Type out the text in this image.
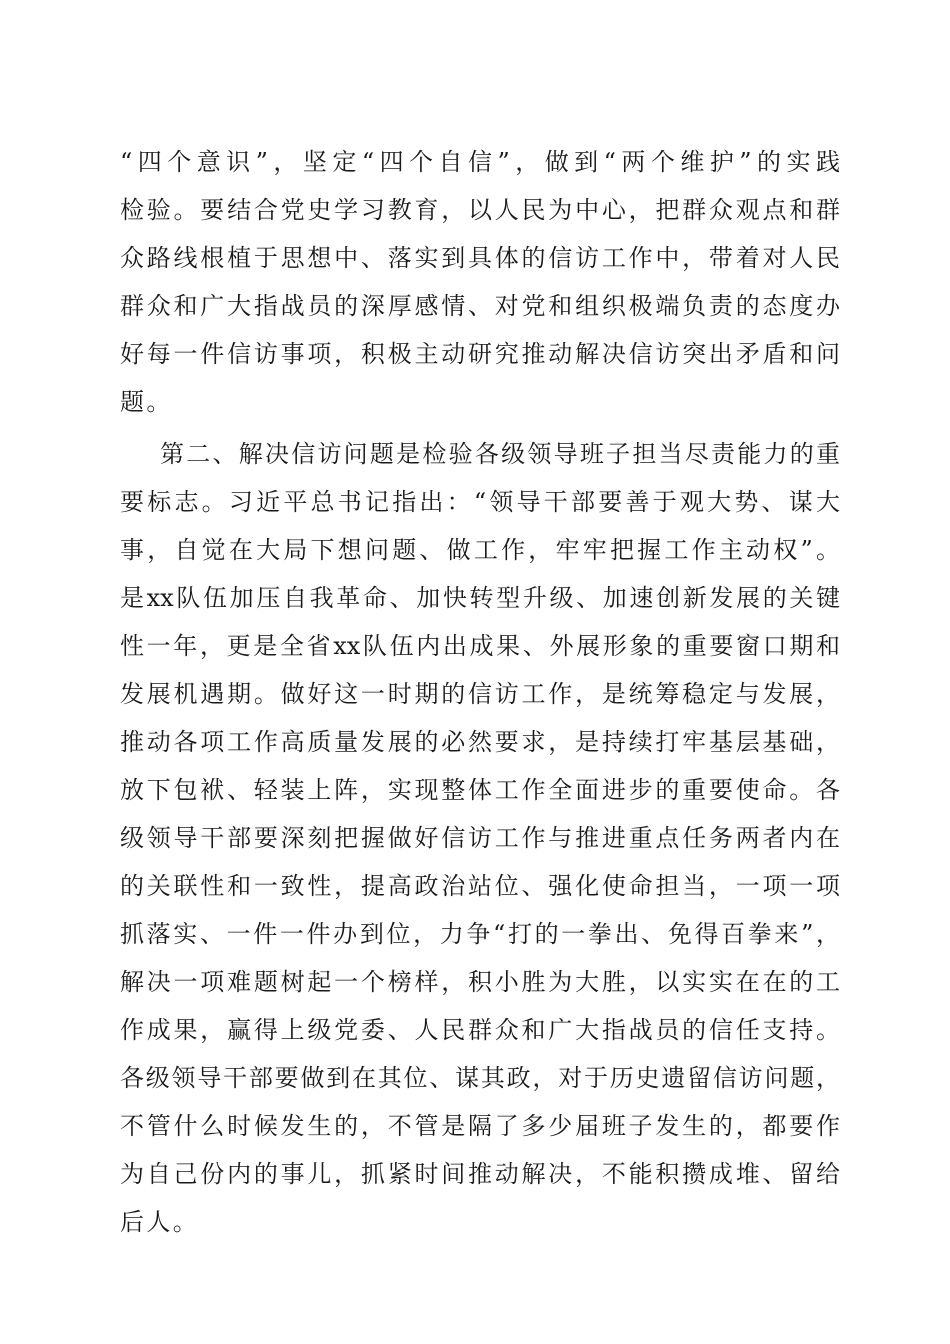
“四个意识”，坚定“四个自信”，做到“两个维护”的实践
检验。要结合党史学习教育，以人民为中心，把群众观点和群
众路线根植于思想中、落实到具体的信访工作中，带着对人民
群众和广大指战员的深厚感情、对党和组织极端负责的态度办
好每一件信访事项，积极主动研究推动解决信访突出矛盾和问
题。
第二、解决信访问题是检验各级领导班子担当尽责能力的重
要标志。习近平总书记指出：“领导干部要善于观大势、谋大
事，自觉在大局下想问题、做工作，牢牢把握工作主动权”。
是xx队伍加压自我革命、加快转型升级、加速创新发展的关键
性一年，更是全省xx队伍内出成果、外展形象的重要窗口期和
发展机遇期。做好这一时期的信访工作，是统筹稳定与发展，
推动各项工作高质量发展的必然要求，是持续打牢基层基础，
放下包袱、轻装上阵，实现整体工作全面进步的重要使命。各
级领导干部要深刻把握做好信访工作与推进重点任务两者内在
的关联性和一致性，提高政治站位、强化使命担当，一项一项
抓落实、一件一件办到位，力争“打的一拳出、免得百拳来”，
解决一项难题树起一个榜样，积小胜为大胜，以实实在在的工
作成果，赢得上级党委、人民群众和广大指战员的信任支持。
各级领导干部要做到在其位、谋其政，对于历史遗留信访问题，
不管什么时候发生的，不管是隔了多少届班子发生的，都要作
为自己份内的事儿，抓紧时间推动解决，不能积攒成堆、留给
后人。
